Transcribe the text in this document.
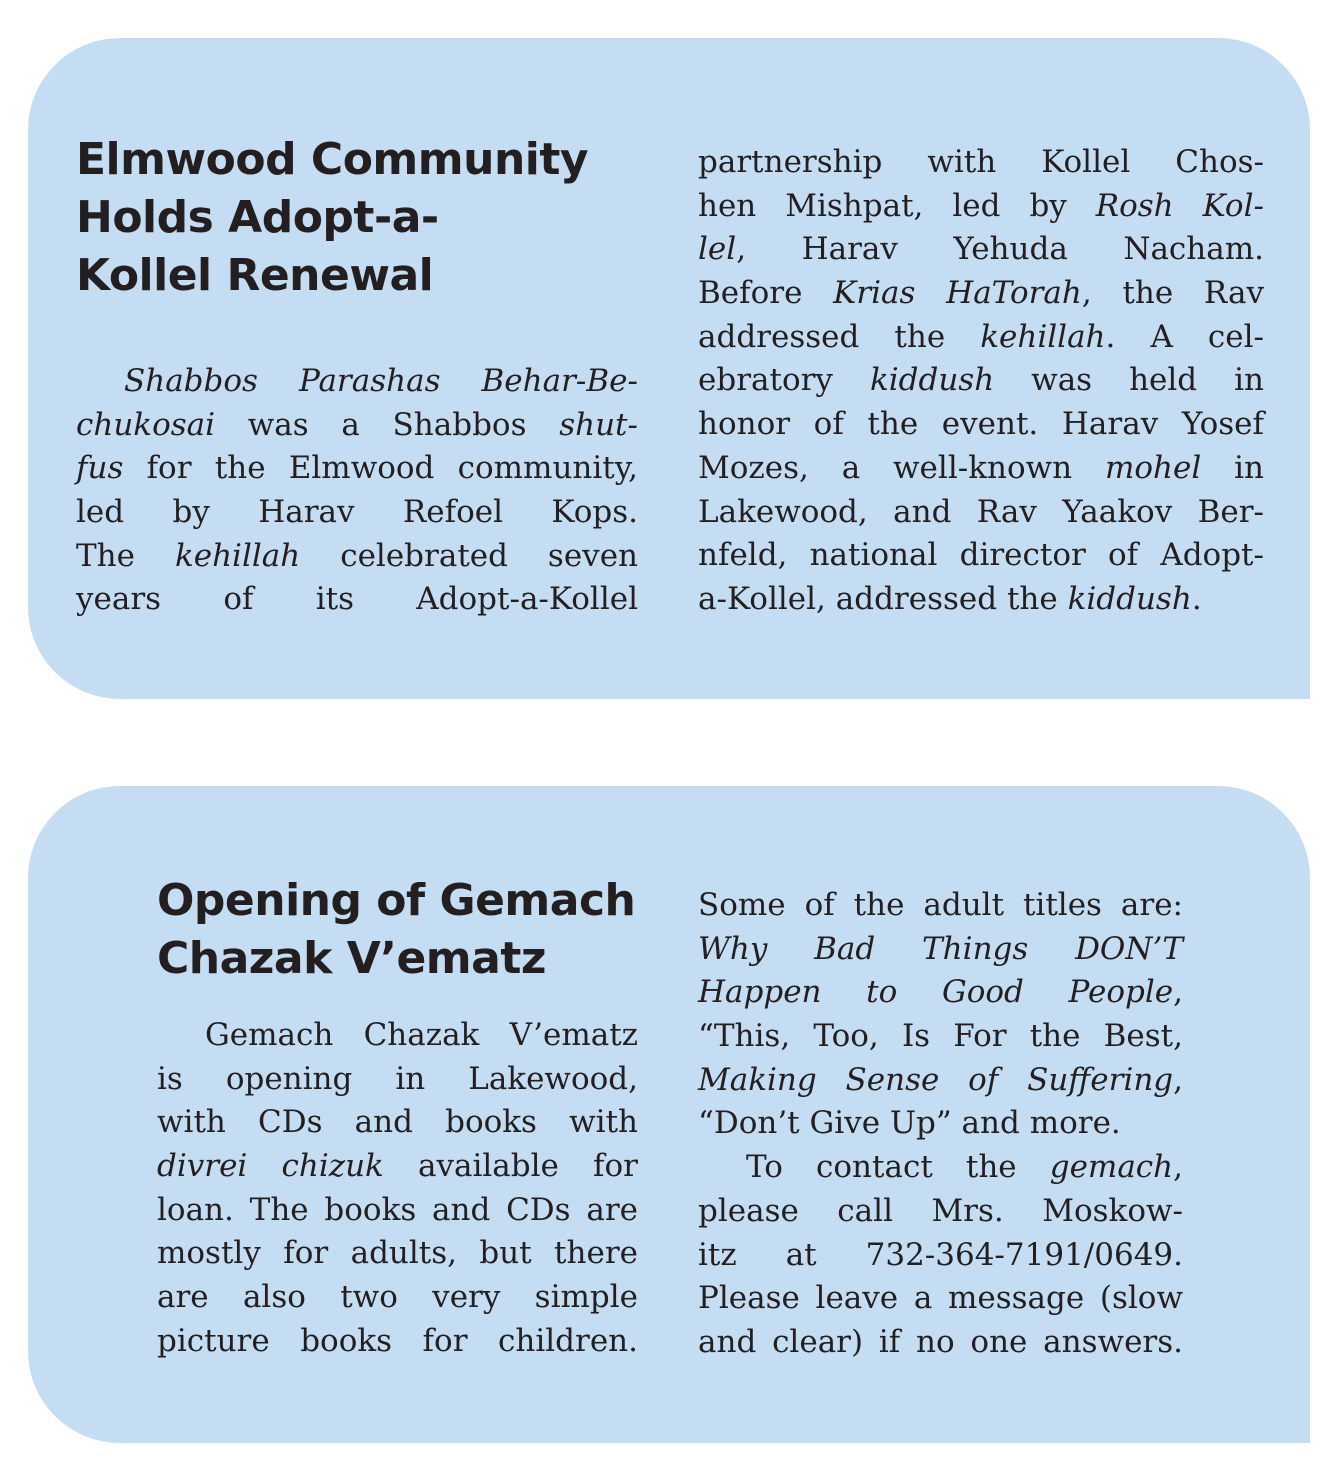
Elmwood Community
Holds Adopt-a-
Kollel Renewal
Shabbos Parashas Behar-Be-
chukosai was a Shabbos shut-
fus for the Elmwood community,
led by Harav Refoel Kops.
The kehillah celebrated seven
years of its Adopt-a-Kollel
partnership with Kollel Chos-
hen Mishpat, led by Rosh Kol-
lel, Harav Yehuda Nacham.
Before Krias HaTorah, the Rav
addressed the kehillah. A cel-
ebratory kiddush was held in
honor of the event. Harav Yosef
Mozes, a well-known mohel in
Lakewood, and Rav Yaakov Ber-
nfeld, national director of Adopt-
a-Kollel, addressed the kiddush.
Opening of Gemach
Chazak V’ematz
Gemach Chazak V’ematz
is opening in Lakewood,
with CDs and books with
divrei chizuk available for
loan. The books and CDs are
mostly for adults, but there
are also two very simple
picture books for children.
Some of the adult titles are:
Why Bad Things DON’T
Happen to Good People,
“This, Too, Is For the Best,
Making Sense of Suffering,
“Don’t Give Up” and more.
To contact the gemach,
please call Mrs. Moskow-
itz at 732-364-7191/0649.
Please leave a message (slow
and clear) if no one answers.
